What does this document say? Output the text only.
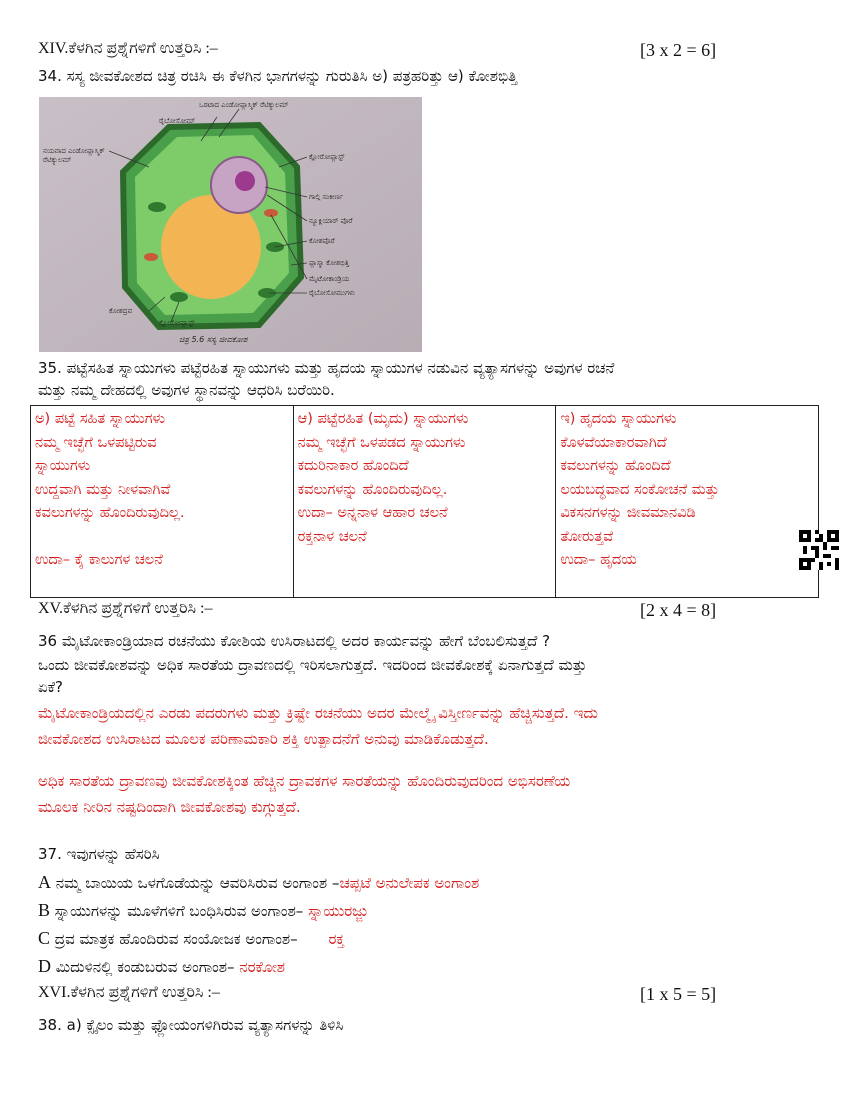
XIV.ಕೆಳಗಿನ ಪ್ರಶ್ನೆಗಳಿಗೆ ಉತ್ತರಿಸಿ :–	[3 x 2 = 6]
34. ಸಸ್ಯ ಜೀವಕೋಶದ ಚಿತ್ರ ರಚಿಸಿ ಈ ಕೆಳಗಿನ ಭಾಗಗಳನ್ನು ಗುರುತಿಸಿ ಅ) ಪತ್ರಹರಿತ್ತು ಆ) ಕೋಶಭಿತ್ತಿ
ಒರಟಾದ ಎಂಡೋಪ್ಲಾಸ್ಮಿಕ್ ರೆಟಿಕ್ಯುಲಮ್
ರೈಬೋಸೋಮ್
ನಯವಾದ ಎಂಡೋಪ್ಲಾಸ್ಮಿಕ್ ರೆಟಿಕ್ಯುಲಮ್	ಕ್ಲೋರೋಪ್ಲಾಸ್ಟ್
ಗಾಲ್ಗಿ ಸಂಕೀರ್ಣ
ನ್ಯೂಕ್ಲಿಯಾರ್ ಪೊರೆ
ಕೋಶಪೊರೆ
ಪ್ಲಾಸ್ಮಾ ಕೋಶಭಿತ್ತಿ
ಮೈಟೋಕಾಂಡ್ರಿಯ
ರೈಬೋಸೋಮುಗಳು
ಕೋಶದ್ರವ
ಕ್ಲೋರೋಪ್ಲಾಸ್ಟ್
ಚಿತ್ರ 5.6 ಸಸ್ಯ ಜೀವಕೋಶ
35. ಪಟ್ಟೆಸಹಿತ ಸ್ನಾಯುಗಳು ಪಟ್ಟೆರಹಿತ ಸ್ನಾಯುಗಳು ಮತ್ತು ಹೃದಯ ಸ್ನಾಯುಗಳ ನಡುವಿನ ವ್ಯತ್ಯಾಸಗಳನ್ನು ಅವುಗಳ ರಚನೆ
ಮತ್ತು ನಮ್ಮ ದೇಹದಲ್ಲಿ ಅವುಗಳ ಸ್ಥಾನವನ್ನು ಆಧರಿಸಿ ಬರೆಯಿರಿ.
ಅ) ಪಟ್ಟೆ ಸಹಿತ ಸ್ನಾಯುಗಳು
ನಮ್ಮ ಇಚ್ಛೆಗೆ ಒಳಪಟ್ಟಿರುವ
ಸ್ನಾಯುಗಳು
ಉದ್ದವಾಗಿ ಮತ್ತು ನೀಳವಾಗಿವೆ
ಕವಲುಗಳನ್ನು ಹೊಂದಿರುವುದಿಲ್ಲ.
ಉದಾ– ಕೈ ಕಾಲುಗಳ ಚಲನೆ

ಆ) ಪಟ್ಟೆರಹಿತ (ಮೃದು) ಸ್ನಾಯುಗಳು
ನಮ್ಮ ಇಚ್ಛೆಗೆ ಒಳಪಡದ ಸ್ನಾಯುಗಳು
ಕದುರಿನಾಕಾರ ಹೊಂದಿದೆ
ಕವಲುಗಳನ್ನು ಹೊಂದಿರುವುದಿಲ್ಲ.
ಉದಾ– ಅನ್ನನಾಳ ಆಹಾರ ಚಲನೆ
ರಕ್ತನಾಳ ಚಲನೆ

ಇ) ಹೃದಯ ಸ್ನಾಯುಗಳು
ಕೊಳವೆಯಾಕಾರವಾಗಿದೆ
ಕವಲುಗಳನ್ನು ಹೊಂದಿದೆ
ಲಯಬದ್ಧವಾದ ಸಂಕೋಚನೆ ಮತ್ತು
ವಿಕಸನಗಳನ್ನು ಜೀವಮಾನವಿಡಿ
ತೋರುತ್ತವೆ
ಉದಾ– ಹೃದಯ
XV.ಕೆಳಗಿನ ಪ್ರಶ್ನೆಗಳಿಗೆ ಉತ್ತರಿಸಿ :–	[2 x 4 = 8]
36 ಮೈಟೋಕಾಂಡ್ರಿಯಾದ ರಚನೆಯು ಕೋಶಿಯ ಉಸಿರಾಟದಲ್ಲಿ ಅದರ ಕಾರ್ಯವನ್ನು ಹೇಗೆ ಬೆಂಬಲಿಸುತ್ತದೆ ?
ಒಂದು ಜೀವಕೋಶವನ್ನು ಅಧಿಕ ಸಾರತೆಯ ದ್ರಾವಣದಲ್ಲಿ ಇರಿಸಲಾಗುತ್ತದೆ. ಇದರಿಂದ ಜೀವಕೋಶಕ್ಕೆ ಏನಾಗುತ್ತದೆ ಮತ್ತು
ಏಕೆ?
ಮೈಟೋಕಾಂಡ್ರಿಯದಲ್ಲಿನ ಎರಡು ಪದರುಗಳು ಮತ್ತು ಕ್ರಿಷ್ಟೇ ರಚನೆಯು ಅದರ ಮೇಲ್ಮೈ ವಿಸ್ತೀರ್ಣವನ್ನು ಹೆಚ್ಚಿಸುತ್ತದೆ. ಇದು
ಜೀವಕೋಶದ ಉಸಿರಾಟದ ಮೂಲಕ ಪರಿಣಾಮಕಾರಿ ಶಕ್ತಿ ಉತ್ಪಾದನೆಗೆ ಅನುವು ಮಾಡಿಕೊಡುತ್ತದೆ.
ಅಧಿಕ ಸಾರತೆಯ ದ್ರಾವಣವು ಜೀವಕೋಶಕ್ಕಿಂತ ಹೆಚ್ಚಿನ ದ್ರಾವಕಗಳ ಸಾರತೆಯನ್ನು ಹೊಂದಿರುವುದರಿಂದ ಅಭಿಸರಣೆಯ
ಮೂಲಕ ನೀರಿನ ನಷ್ಟದಿಂದಾಗಿ ಜೀವಕೋಶವು ಕುಗ್ಗುತ್ತದೆ.
37. ಇವುಗಳನ್ನು ಹೆಸರಿಸಿ
A ನಮ್ಮ ಬಾಯಿಯ ಒಳಗೊಡೆಯನ್ನು ಆವರಿಸಿರುವ ಅಂಗಾಂಶ –ಚಪ್ಪಟೆ ಅನುಲೇಪಕ ಅಂಗಾಂಶ
B ಸ್ನಾಯುಗಳನ್ನು ಮೂಳೆಗಳಿಗೆ ಬಂಧಿಸಿರುವ ಅಂಗಾಂಶ– ಸ್ನಾಯುರಜ್ಜು
C ದ್ರವ ಮಾತ್ರಕ ಹೊಂದಿರುವ ಸಂಯೋಜಕ ಅಂಗಾಂಶ– ರಕ್ತ
D ಮಿದುಳಿನಲ್ಲಿ ಕಂಡುಬರುವ ಅಂಗಾಂಶ– ನರಕೋಶ
XVI.ಕೆಳಗಿನ ಪ್ರಶ್ನೆಗಳಿಗೆ ಉತ್ತರಿಸಿ :–	[1 x 5 = 5]
38. a) ಕ್ಸೈಲಂ ಮತ್ತು ಫ್ಲೋಯಂಗಳಿಗಿರುವ ವ್ಯತ್ಯಾಸಗಳನ್ನು ತಿಳಿಸಿ
